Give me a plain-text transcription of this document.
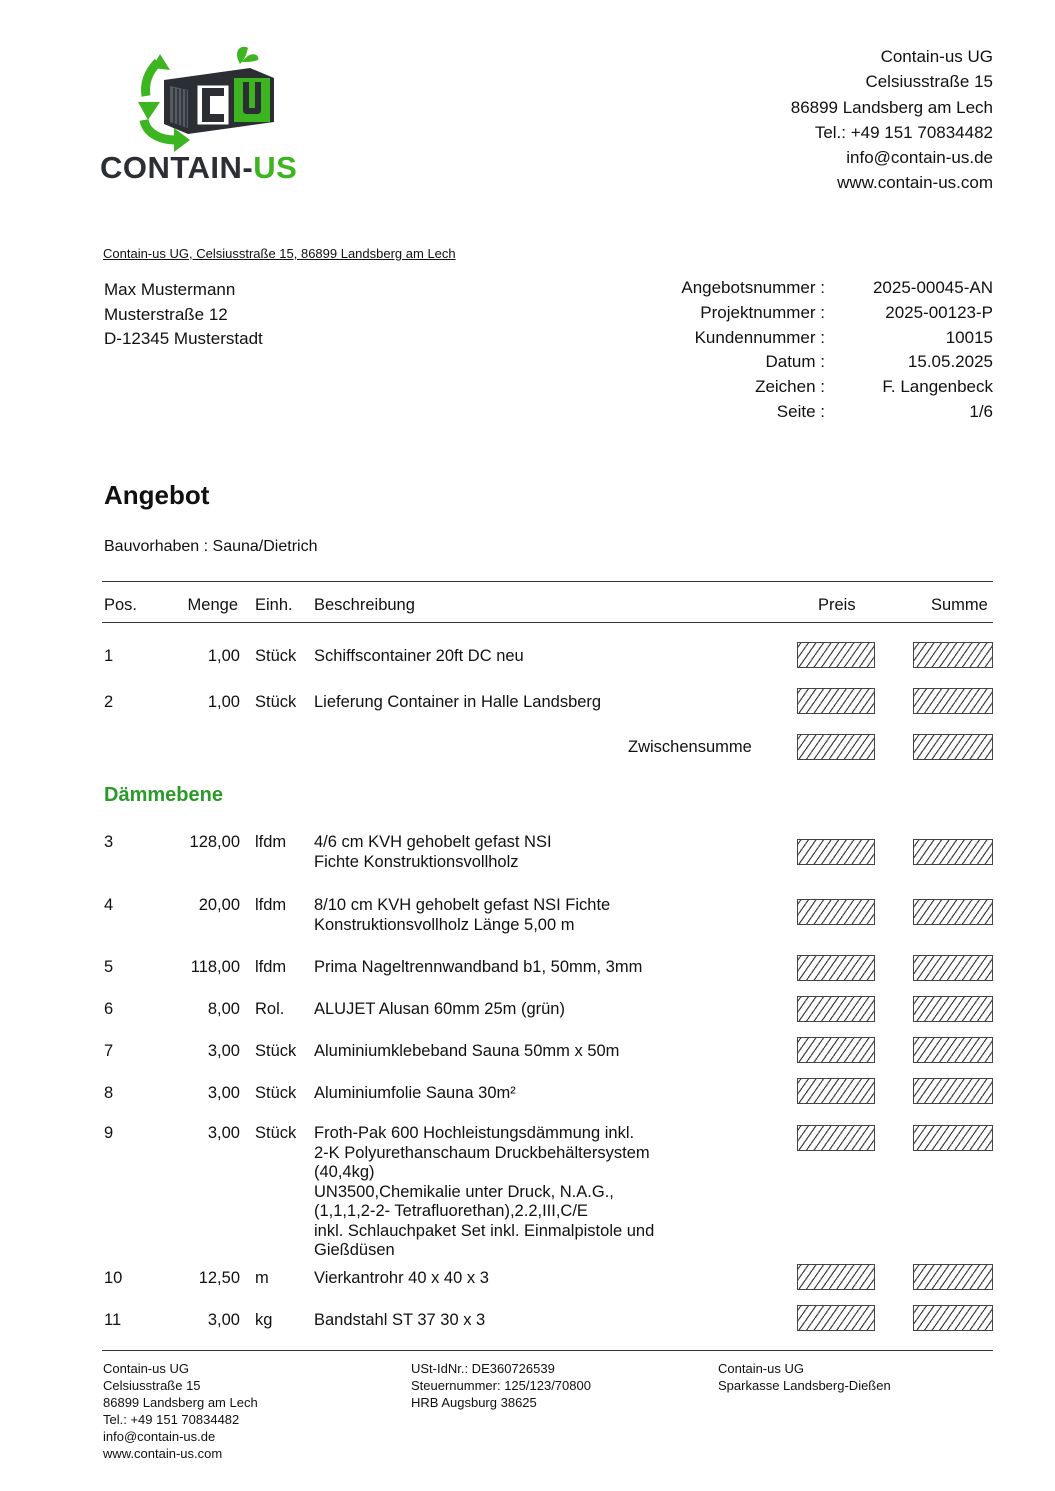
CONTAIN-US
Contain-us UG
Celsiusstraße 15
86899 Landsberg am Lech
Tel.: +49 151 70834482
info@contain-us.de
www.contain-us.com
Contain-us UG, Celsiusstraße 15, 86899 Landsberg am Lech
Max Mustermann
Musterstraße 12
D-12345 Musterstadt
Angebotsnummer :	2025-00045-AN
Projektnummer :	2025-00123-P
Kundennummer :	10015
Datum :	15.05.2025
Zeichen :	F. Langenbeck
Seite :	1/6
Angebot
Bauvorhaben : Sauna/Dietrich
Pos.	Menge Einh. Beschreibung	Preis	Summe
1	1,00 Stück Schiffscontainer 20ft DC neu
2	1,00 Stück Lieferung Container in Halle Landsberg
Zwischensumme
Dämmebene
3	128,00 lfdm 4/6 cm KVH gehobelt gefast NSI
Fichte Konstruktionsvollholz
4	20,00 lfdm 8/10 cm KVH gehobelt gefast NSI Fichte
Konstruktionsvollholz Länge 5,00 m
5	118,00 lfdm Prima Nageltrennwandband b1, 50mm, 3mm
6	8,00 Rol. ALUJET Alusan 60mm 25m (grün)
7	3,00 Stück Aluminiumklebeband Sauna 50mm x 50m
8	3,00 Stück Aluminiumfolie Sauna 30m²
9	3,00 Stück Froth-Pak 600 Hochleistungsdämmung inkl.
2-K Polyurethanschaum Druckbehältersystem
(40,4kg)
UN3500,Chemikalie unter Druck, N.A.G.,
(1,1,1,2-2- Tetrafluorethan),2.2,III,C/E
inkl. Schlauchpaket Set inkl. Einmalpistole und
Gießdüsen
10	12,50 m	Vierkantrohr 40 x 40 x 3
11	3,00 kg	Bandstahl ST 37 30 x 3
Contain-us UG
Celsiusstraße 15
86899 Landsberg am Lech
Tel.: +49 151 70834482
info@contain-us.de
www.contain-us.com
USt-IdNr.: DE360726539
Steuernummer: 125/123/70800
HRB Augsburg 38625
Contain-us UG
Sparkasse Landsberg-Dießen
